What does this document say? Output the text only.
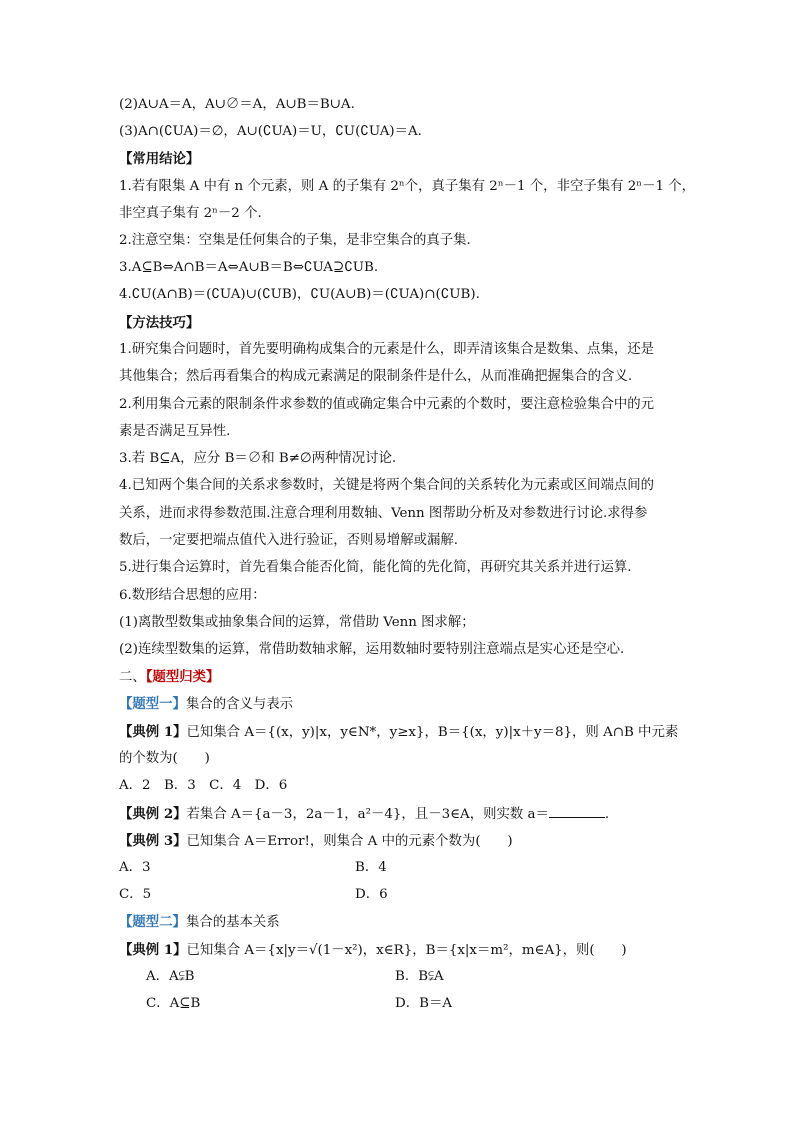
(2)A∪A＝A，A∪∅＝A，A∪B＝B∪A.
(3)A∩(∁UA)＝∅，A∪(∁UA)＝U，∁U(∁UA)＝A.
【常用结论】
1.若有限集 A 中有 n 个元素，则 A 的子集有 2ⁿ个，真子集有 2ⁿ－1 个，非空子集有 2ⁿ－1 个，
非空真子集有 2ⁿ－2 个.
2.注意空集：空集是任何集合的子集，是非空集合的真子集.
3.A⊆B⇔A∩B＝A⇔A∪B＝B⇔∁UA⊇∁UB.
4.∁U(A∩B)＝(∁UA)∪(∁UB)，∁U(A∪B)＝(∁UA)∩(∁UB).
【方法技巧】
1.研究集合问题时，首先要明确构成集合的元素是什么，即弄清该集合是数集、点集，还是
其他集合；然后再看集合的构成元素满足的限制条件是什么，从而准确把握集合的含义.
2.利用集合元素的限制条件求参数的值或确定集合中元素的个数时，要注意检验集合中的元
素是否满足互异性.
3.若 B⊆A，应分 B＝∅和 B≠∅两种情况讨论.
4.已知两个集合间的关系求参数时，关键是将两个集合间的关系转化为元素或区间端点间的
关系，进而求得参数范围.注意合理利用数轴、Venn 图帮助分析及对参数进行讨论.求得参
数后，一定要把端点值代入进行验证，否则易增解或漏解.
5.进行集合运算时，首先看集合能否化简，能化简的先化简，再研究其关系并进行运算.
6.数形结合思想的应用：
(1)离散型数集或抽象集合间的运算，常借助 Venn 图求解；
(2)连续型数集的运算，常借助数轴求解，运用数轴时要特别注意端点是实心还是空心.
二、【题型归类】
【题型一】集合的含义与表示
【典例 1】已知集合 A＝{(x，y)|x，y∈N*，y≥x}，B＝{(x，y)|x＋y＝8}，则 A∩B 中元素
的个数为(　　)
A．2　B．3　C．4　D．6
【典例 2】若集合 A＝{a－3，2a－1，a²－4}，且－3∈A，则实数 a＝	.
【典例 3】已知集合 A＝Error!，则集合 A 中的元素个数为(　　)
A．3	B．4
C．5	D．6
【题型二】集合的基本关系
【典例 1】已知集合 A＝{x|y＝√(1－x²)，x∈R}，B＝{x|x＝m²，m∈A}，则(　　)
A．A⫋B	B．B⫋A
C．A⊆B	D．B＝A
